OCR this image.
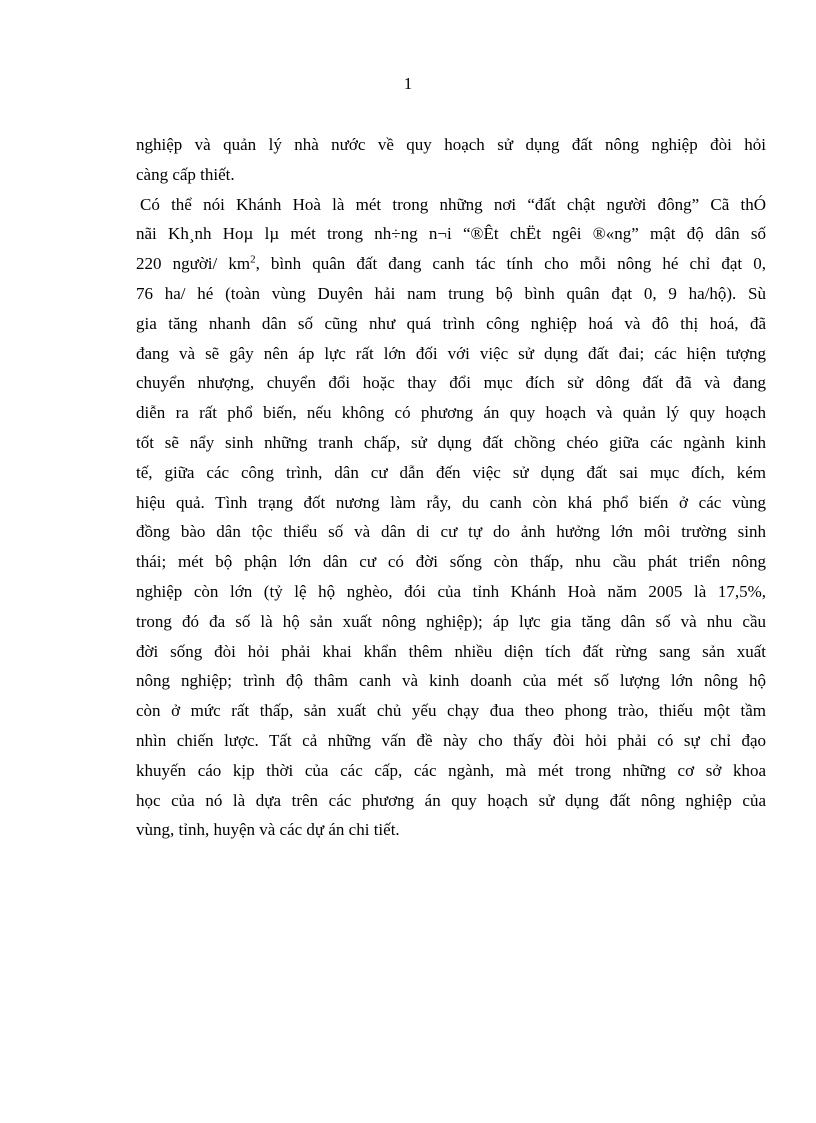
1
nghiệp và quản lý nhà nước về quy hoạch sử dụng đất nông nghiệp đòi hỏi
càng cấp thiết.
Có thể nói Khánh Hoà là mét trong những nơi “đất chật người đông” Cã thÓ
nãi Kh¸nh Hoµ lµ mét trong nh÷ng n¬i “®Êt chËt ngêi ®«ng” mật độ dân số
220 người/ $km^2$, bình quân đất đang canh tác tính cho mỗi nông hé chỉ đạt 0,
76 ha/ hé (toàn vùng Duyên hải nam trung bộ bình quân đạt 0, 9 ha/hộ). Sù
gia tăng nhanh dân số cũng như quá trình công nghiệp hoá và đô thị hoá, đã
đang và sẽ gây nên áp lực rất lớn đối với việc sử dụng đất đai; các hiện tượng
chuyển nhượng, chuyển đổi hoặc thay đổi mục đích sử dông đất đã và đang
diễn ra rất phổ biến, nếu không có phương án quy hoạch và quản lý quy hoạch
tốt sẽ nẩy sinh những tranh chấp, sử dụng đất chồng chéo giữa các ngành kinh
tế, giữa các công trình, dân cư dẫn đến việc sử dụng đất sai mục đích, kém
hiệu quả. Tình trạng đốt nương làm rẫy, du canh còn khá phổ biến ở các vùng
đồng bào dân tộc thiểu số và dân di cư tự do ảnh hưởng lớn môi trường sinh
thái; mét bộ phận lớn dân cư có đời sống còn thấp, nhu cầu phát triển nông
nghiệp còn lớn (tỷ lệ hộ nghèo, đói của tỉnh Khánh Hoà năm 2005 là 17,5%,
trong đó đa số là hộ sản xuất nông nghiệp); áp lực gia tăng dân số và nhu cầu
đời sống đòi hỏi phải khai khẩn thêm nhiều diện tích đất rừng sang sản xuất
nông nghiệp; trình độ thâm canh và kinh doanh của mét số lượng lớn nông hộ
còn ở mức rất thấp, sản xuất chủ yếu chạy đua theo phong trào, thiếu một tầm
nhìn chiến lược. Tất cả những vấn đề này cho thấy đòi hỏi phải có sự chỉ đạo
khuyến cáo kịp thời của các cấp, các ngành, mà mét trong những cơ sở khoa
học của nó là dựa trên các phương án quy hoạch sử dụng đất nông nghiệp của
vùng, tỉnh, huyện và các dự án chi tiết.
